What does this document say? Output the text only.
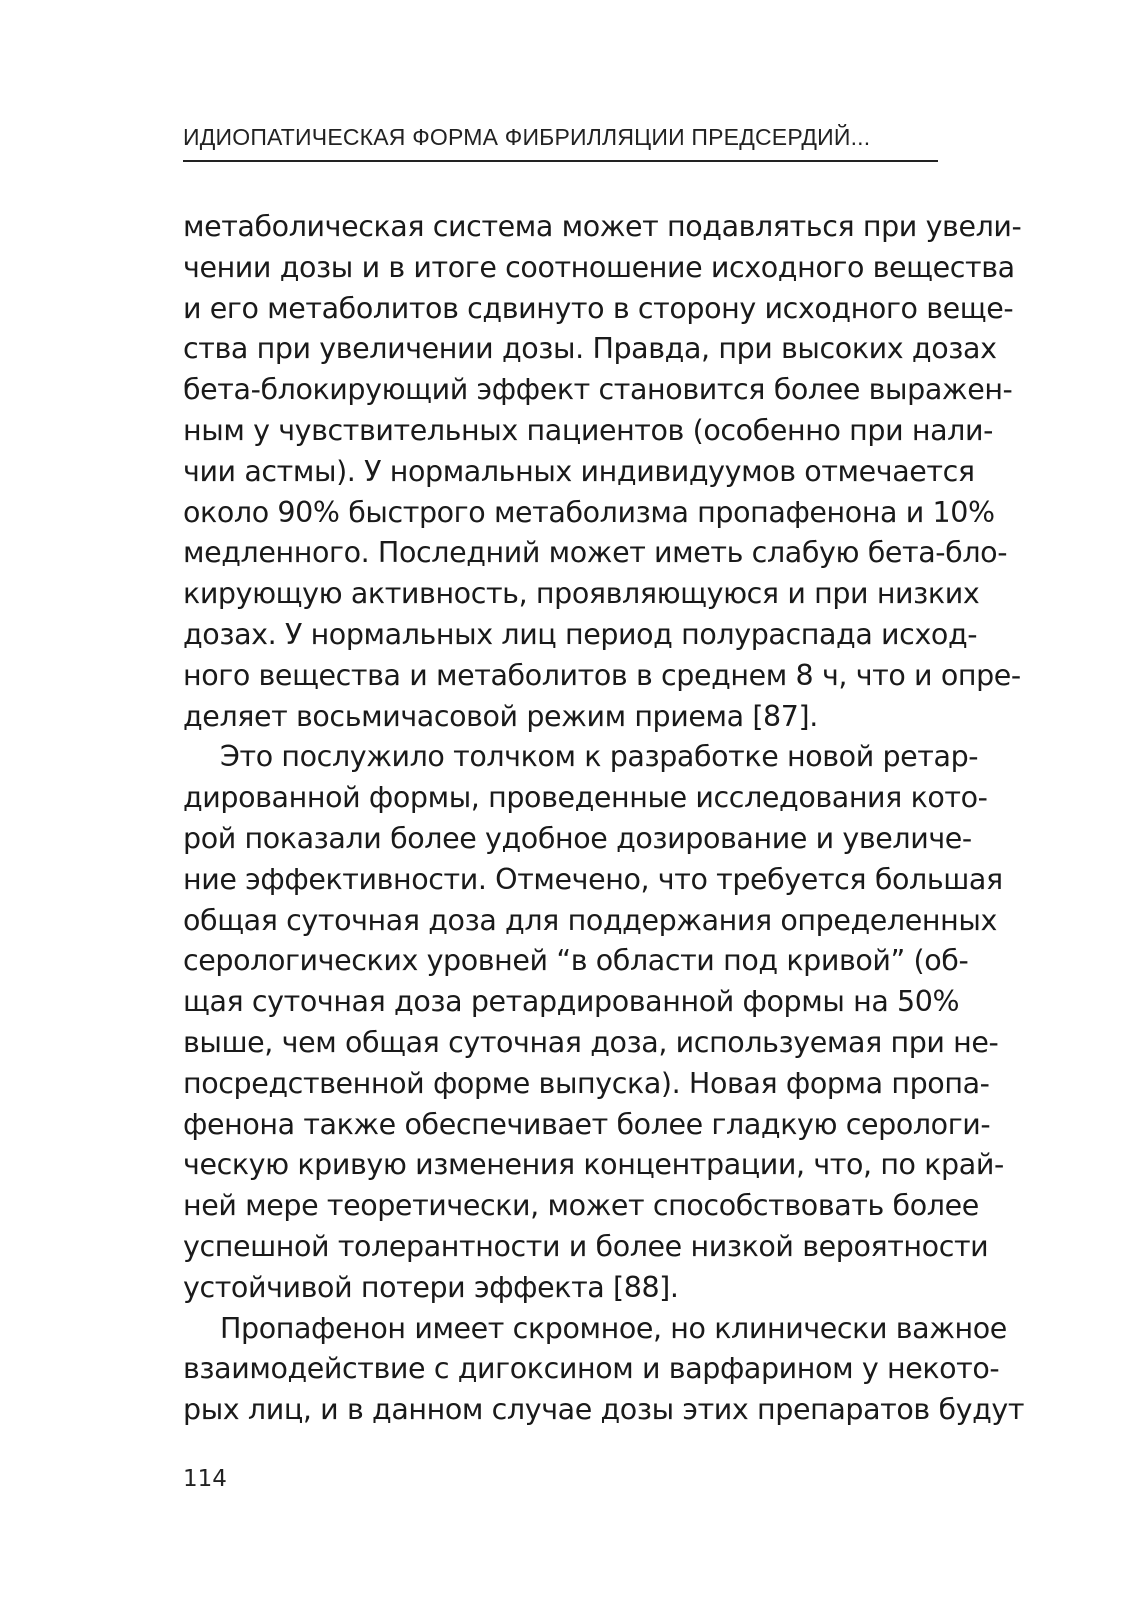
ИДИОПАТИЧЕСКАЯ ФОРМА ФИБРИЛЛЯЦИИ ПРЕДСЕРДИЙ...

метаболическая система может подавляться при увели-
чении дозы и в итоге соотношение исходного вещества
и его метаболитов сдвинуто в сторону исходного веще-
ства при увеличении дозы. Правда, при высоких дозах
бета-блокирующий эффект становится более выражен-
ным у чувствительных пациентов (особенно при нали-
чии астмы). У нормальных индивидуумов отмечается
около 90% быстрого метаболизма пропафенона и 10%
медленного. Последний может иметь слабую бета-бло-
кирующую активность, проявляющуюся и при низких
дозах. У нормальных лиц период полураспада исход-
ного вещества и метаболитов в среднем 8 ч, что и опре-
деляет восьмичасовой режим приема [87].

Это послужило толчком к разработке новой ретар-
дированной формы, проведенные исследования кото-
рой показали более удобное дозирование и увеличе-
ние эффективности. Отмечено, что требуется большая
общая суточная доза для поддержания определенных
серологических уровней “в области под кривой” (об-
щая суточная доза ретардированной формы на 50%
выше, чем общая суточная доза, используемая при не-
посредственной форме выпуска). Новая форма пропа-
фенона также обеспечивает более гладкую серологи-
ческую кривую изменения концентрации, что, по край-
ней мере теоретически, может способствовать более
успешной толерантности и более низкой вероятности
устойчивой потери эффекта [88].

Пропафенон имеет скромное, но клинически важное
взаимодействие с дигоксином и варфарином у некото-
рых лиц, и в данном случае дозы этих препаратов будут

114
